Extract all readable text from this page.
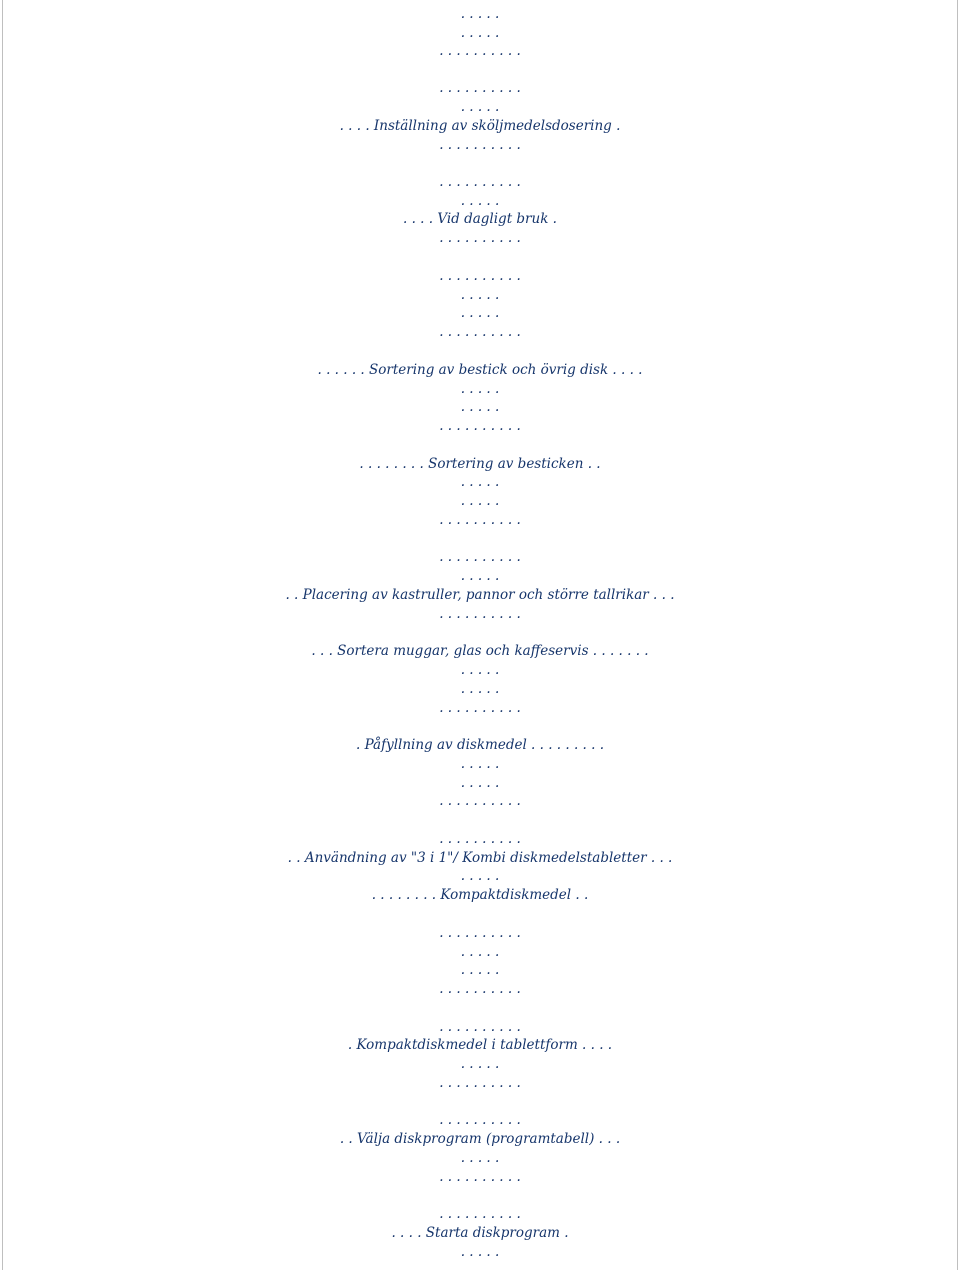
. . . . .

. . . . .

. . . . . . . . . .

. . . . . . . . . .

. . . . .

. . . . Inställning av sköljmedelsdosering .

. . . . . . . . . .

. . . . . . . . . .

. . . . .

. . . . Vid dagligt bruk .

. . . . . . . . . .

. . . . . . . . . .

. . . . .

. . . . .

. . . . . . . . . .

. . . . . . Sortering av bestick och övrig disk . . . .

. . . . .

. . . . .

. . . . . . . . . .

. . . . . . . . Sortering av besticken . .

. . . . .

. . . . .

. . . . . . . . . .

. . . . . . . . . .

. . . . .

. . Placering av kastruller, pannor och större tallrikar . . .

. . . . . . . . . .

. . . Sortera muggar, glas och kaffeservis . . . . . . .

. . . . .

. . . . .

. . . . . . . . . .

. Påfyllning av diskmedel . . . . . . . . .

. . . . .

. . . . .

. . . . . . . . . .

. . . . . . . . . .

. . Användning av "3 i 1"/ Kombi diskmedelstabletter . . .

. . . . .

. . . . . . . . Kompaktdiskmedel . .

. . . . . . . . . .

. . . . .

. . . . .

. . . . . . . . . .

. . . . . . . . . .

. Kompaktdiskmedel i tablettform . . . .

. . . . .

. . . . . . . . . .

. . . . . . . . . .

. . Välja diskprogram (programtabell) . . .

. . . . .

. . . . . . . . . .

. . . . . . . . . .

. . . . Starta diskprogram .

. . . . .
